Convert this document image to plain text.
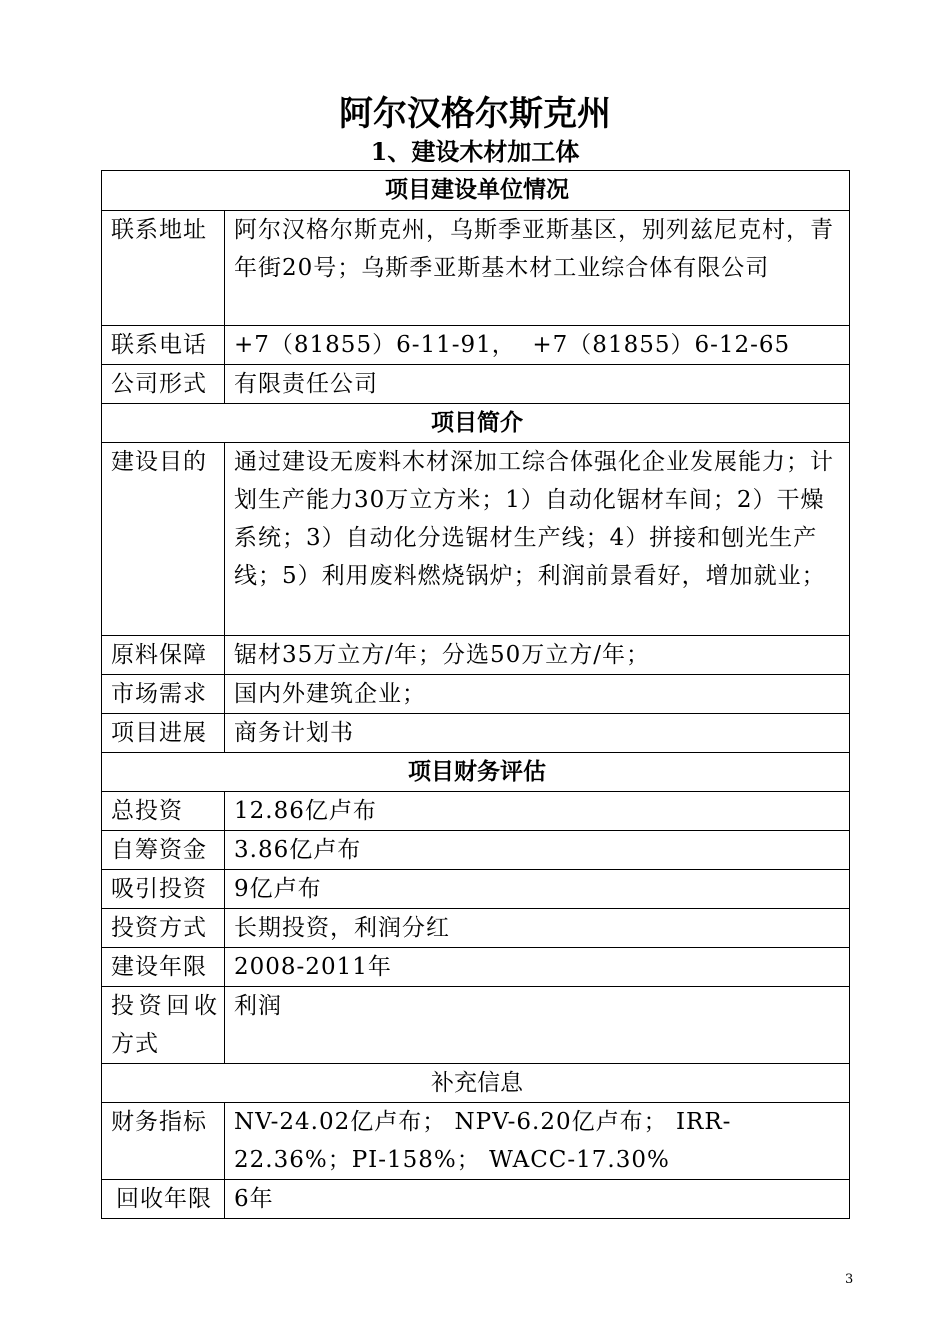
阿尔汉格尔斯克州
1、建设木材加工体
项目建设单位情况	
联系地址	阿尔汉格尔斯克州，乌斯季亚斯基区，别列兹尼克村，青年街20号；乌斯季亚斯基木材工业综合体有限公司
联系电话	+7（81855）6-11-91，  +7（81855）6-12-65
公司形式	有限责任公司
项目简介	
建设目的	通过建设无废料木材深加工综合体强化企业发展能力；计划生产能力30万立方米；1）自动化锯材车间；2）干燥系统；3）自动化分选锯材生产线；4）拼接和刨光生产线；5）利用废料燃烧锅炉；利润前景看好，增加就业；
原料保障	锯材35万立方/年；分选50万立方/年；
市场需求	国内外建筑企业；
项目进展	商务计划书
项目财务评估	
总投资	12.86亿卢布
自筹资金	3.86亿卢布
吸引投资	9亿卢布
投资方式	长期投资，利润分红
建设年限	2008-2011年
投资回收方式	利润
补充信息	
财务指标	NV-24.02亿卢布； NPV-6.20亿卢布； IRR-22.36%；PI-158%； WACC-17.30%
回收年限	6年
3
